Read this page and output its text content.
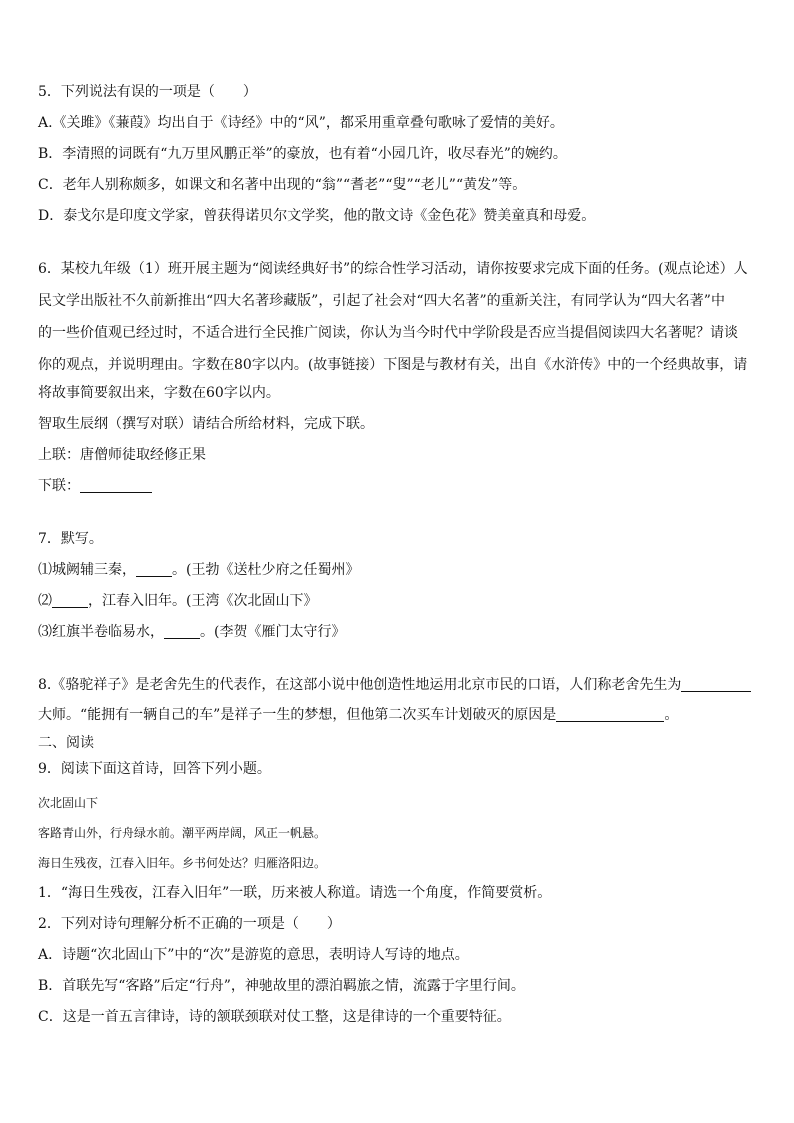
5．下列说法有误的一项是（　　）
A.《关雎》《蒹葭》均出自于《诗经》中的“风”，都采用重章叠句歌咏了爱情的美好。
B．李清照的词既有“九万里风鹏正举”的豪放，也有着“小园几许，收尽春光”的婉约。
C．老年人别称颇多，如课文和名著中出现的“翁”“耆老”“叟”“老儿”“黄发”等。
D．泰戈尔是印度文学家，曾获得诺贝尔文学奖，他的散文诗《金色花》赞美童真和母爱。
6．某校九年级（1）班开展主题为“阅读经典好书”的综合性学习活动，请你按要求完成下面的任务。(观点论述）人
民文学出版社不久前新推出“四大名著珍藏版”，引起了社会对“四大名著”的重新关注，有同学认为“四大名著”中
的一些价值观已经过时，不适合进行全民推广阅读，你认为当今时代中学阶段是否应当提倡阅读四大名著呢？请谈
你的观点，并说明理由。字数在80字以内。(故事链接）下图是与教材有关，出自《水浒传》中的一个经典故事，请
将故事简要叙出来，字数在60字以内。
智取生辰纲（撰写对联）请结合所给材料，完成下联。
上联：唐僧师徒取经修正果
下联：
7．默写。
⑴城阙辅三秦，	。(王勃《送杜少府之任蜀州》
⑵	，江春入旧年。(王湾《次北固山下》
⑶红旗半卷临易水，	。(李贺《雁门太守行》
8.《骆驼祥子》是老舍先生的代表作，在这部小说中他创造性地运用北京市民的口语，人们称老舍先生为
大师。“能拥有一辆自己的车”是祥子一生的梦想，但他第二次买车计划破灭的原因是	。
二、阅读
9．阅读下面这首诗，回答下列小题。
次北固山下
客路青山外，行舟绿水前。潮平两岸阔，风正一帆悬。
海日生残夜，江春入旧年。乡书何处达？归雁洛阳边。
1．“海日生残夜，江春入旧年”一联，历来被人称道。请选一个角度，作简要赏析。
2．下列对诗句理解分析不正确的一项是（　　）
A．诗题“次北固山下”中的“次”是游览的意思，表明诗人写诗的地点。
B．首联先写“客路”后定“行舟”，神驰故里的漂泊羁旅之情，流露于字里行间。
C．这是一首五言律诗，诗的颔联颈联对仗工整，这是律诗的一个重要特征。
